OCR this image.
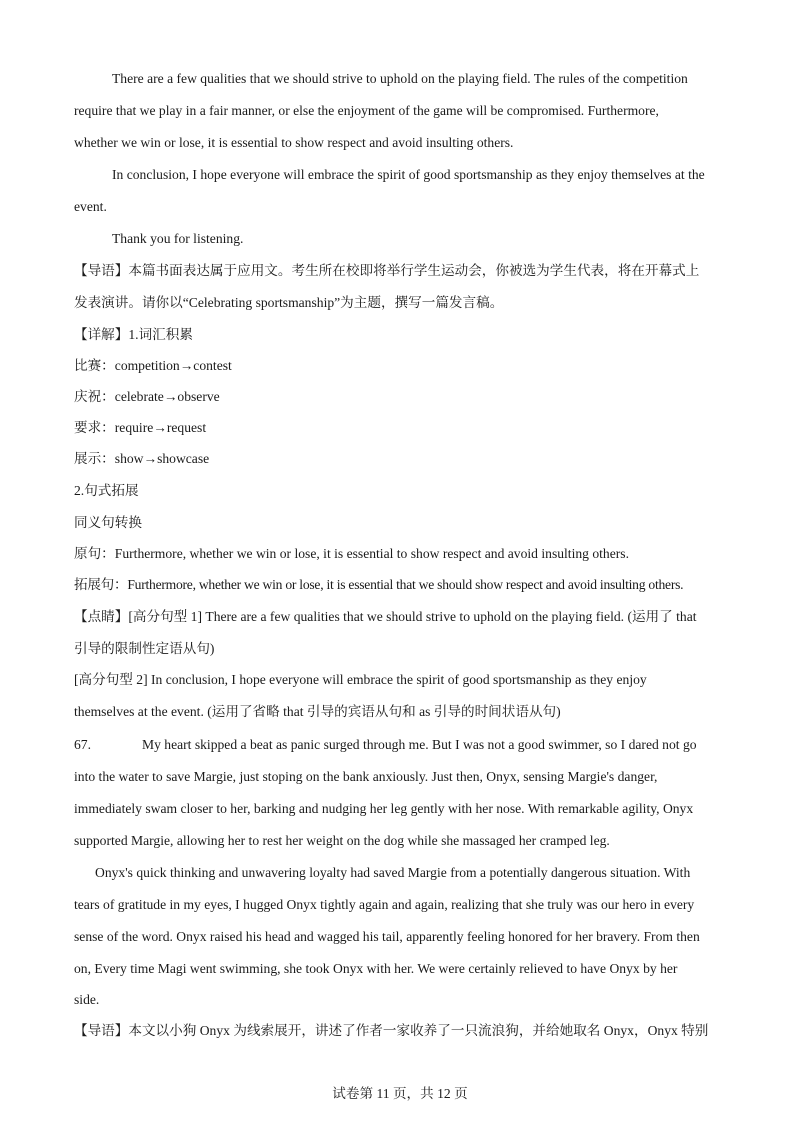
There are a few qualities that we should strive to uphold on the playing field. The rules of the competition
require that we play in a fair manner, or else the enjoyment of the game will be compromised. Furthermore,
whether we win or lose, it is essential to show respect and avoid insulting others.
In conclusion, I hope everyone will embrace the spirit of good sportsmanship as they enjoy themselves at the
event.
Thank you for listening.
【导语】本篇书面表达属于应用文。考生所在校即将举行学生运动会，你被选为学生代表，将在开幕式上
发表演讲。请你以“Celebrating sportsmanship”为主题，撰写一篇发言稿。
【详解】1.词汇积累
比赛：competition→contest
庆祝：celebrate→observe
要求：require→request
展示：show→showcase
2.句式拓展
同义句转换
原句：Furthermore, whether we win or lose, it is essential to show respect and avoid insulting others.
拓展句：Furthermore, whether we win or lose, it is essential that we should show respect and avoid insulting others.
【点睛】[高分句型 1] There are a few qualities that we should strive to uphold on the playing field. (运用了 that
引导的限制性定语从句)
[高分句型 2] In conclusion, I hope everyone will embrace the spirit of good sportsmanship as they enjoy
themselves at the event. (运用了省略 that 引导的宾语从句和 as 引导的时间状语从句)
67.	My heart skipped a beat as panic surged through me. But I was not a good swimmer, so I dared not go
into the water to save Margie, just stoping on the bank anxiously. Just then, Onyx, sensing Margie's danger,
immediately swam closer to her, barking and nudging her leg gently with her nose. With remarkable agility, Onyx
supported Margie, allowing her to rest her weight on the dog while she massaged her cramped leg.
Onyx's quick thinking and unwavering loyalty had saved Margie from a potentially dangerous situation. With
tears of gratitude in my eyes, I hugged Onyx tightly again and again, realizing that she truly was our hero in every
sense of the word. Onyx raised his head and wagged his tail, apparently feeling honored for her bravery. From then
on, Every time Magi went swimming, she took Onyx with her. We were certainly relieved to have Onyx by her
side.
【导语】本文以小狗 Onyx 为线索展开，讲述了作者一家收养了一只流浪狗，并给她取名 Onyx，Onyx 特别
试卷第 11 页，共 12 页
